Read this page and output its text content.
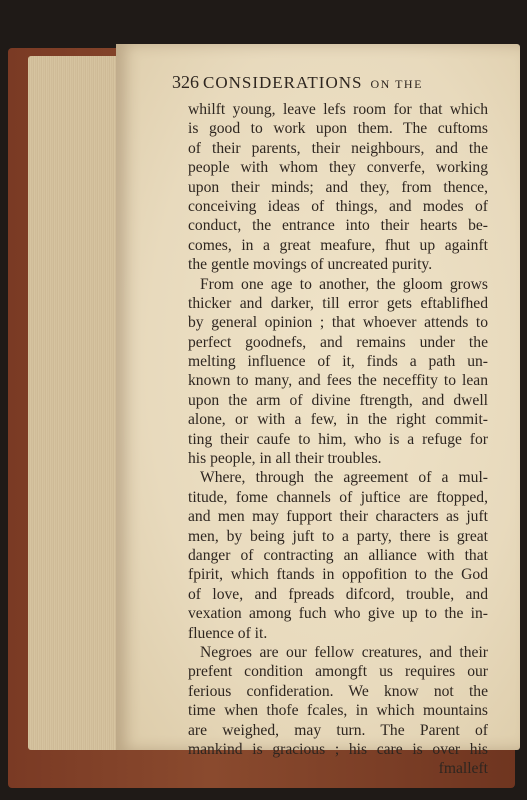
326 CONSIDERATIONS ON THE
whilft young, leave lefs room for that which
is good to work upon them. The cuftoms
of their parents, their neighbours, and the
people with whom they converfe, working
upon their minds; and they, from thence,
conceiving ideas of things, and modes of
conduct, the entrance into their hearts be-
comes, in a great meafure, fhut up againft
the gentle movings of uncreated purity.
From one age to another, the gloom grows
thicker and darker, till error gets eftablifhed
by general opinion ; that whoever attends to
perfect goodnefs, and remains under the
melting influence of it, finds a path un-
known to many, and fees the neceffity to lean
upon the arm of divine ftrength, and dwell
alone, or with a few, in the right commit-
ting their caufe to him, who is a refuge for
his people, in all their troubles.
Where, through the agreement of a mul-
titude, fome channels of juftice are ftopped,
and men may fupport their characters as juft
men, by being juft to a party, there is great
danger of contracting an alliance with that
fpirit, which ftands in oppofition to the God
of love, and fpreads difcord, trouble, and
vexation among fuch who give up to the in-
fluence of it.
Negroes are our fellow creatures, and their
prefent condition amongft us requires our
ferious confideration. We know not the
time when thofe fcales, in which mountains
are weighed, may turn. The Parent of
mankind is gracious ; his care is over his
fmalleft
